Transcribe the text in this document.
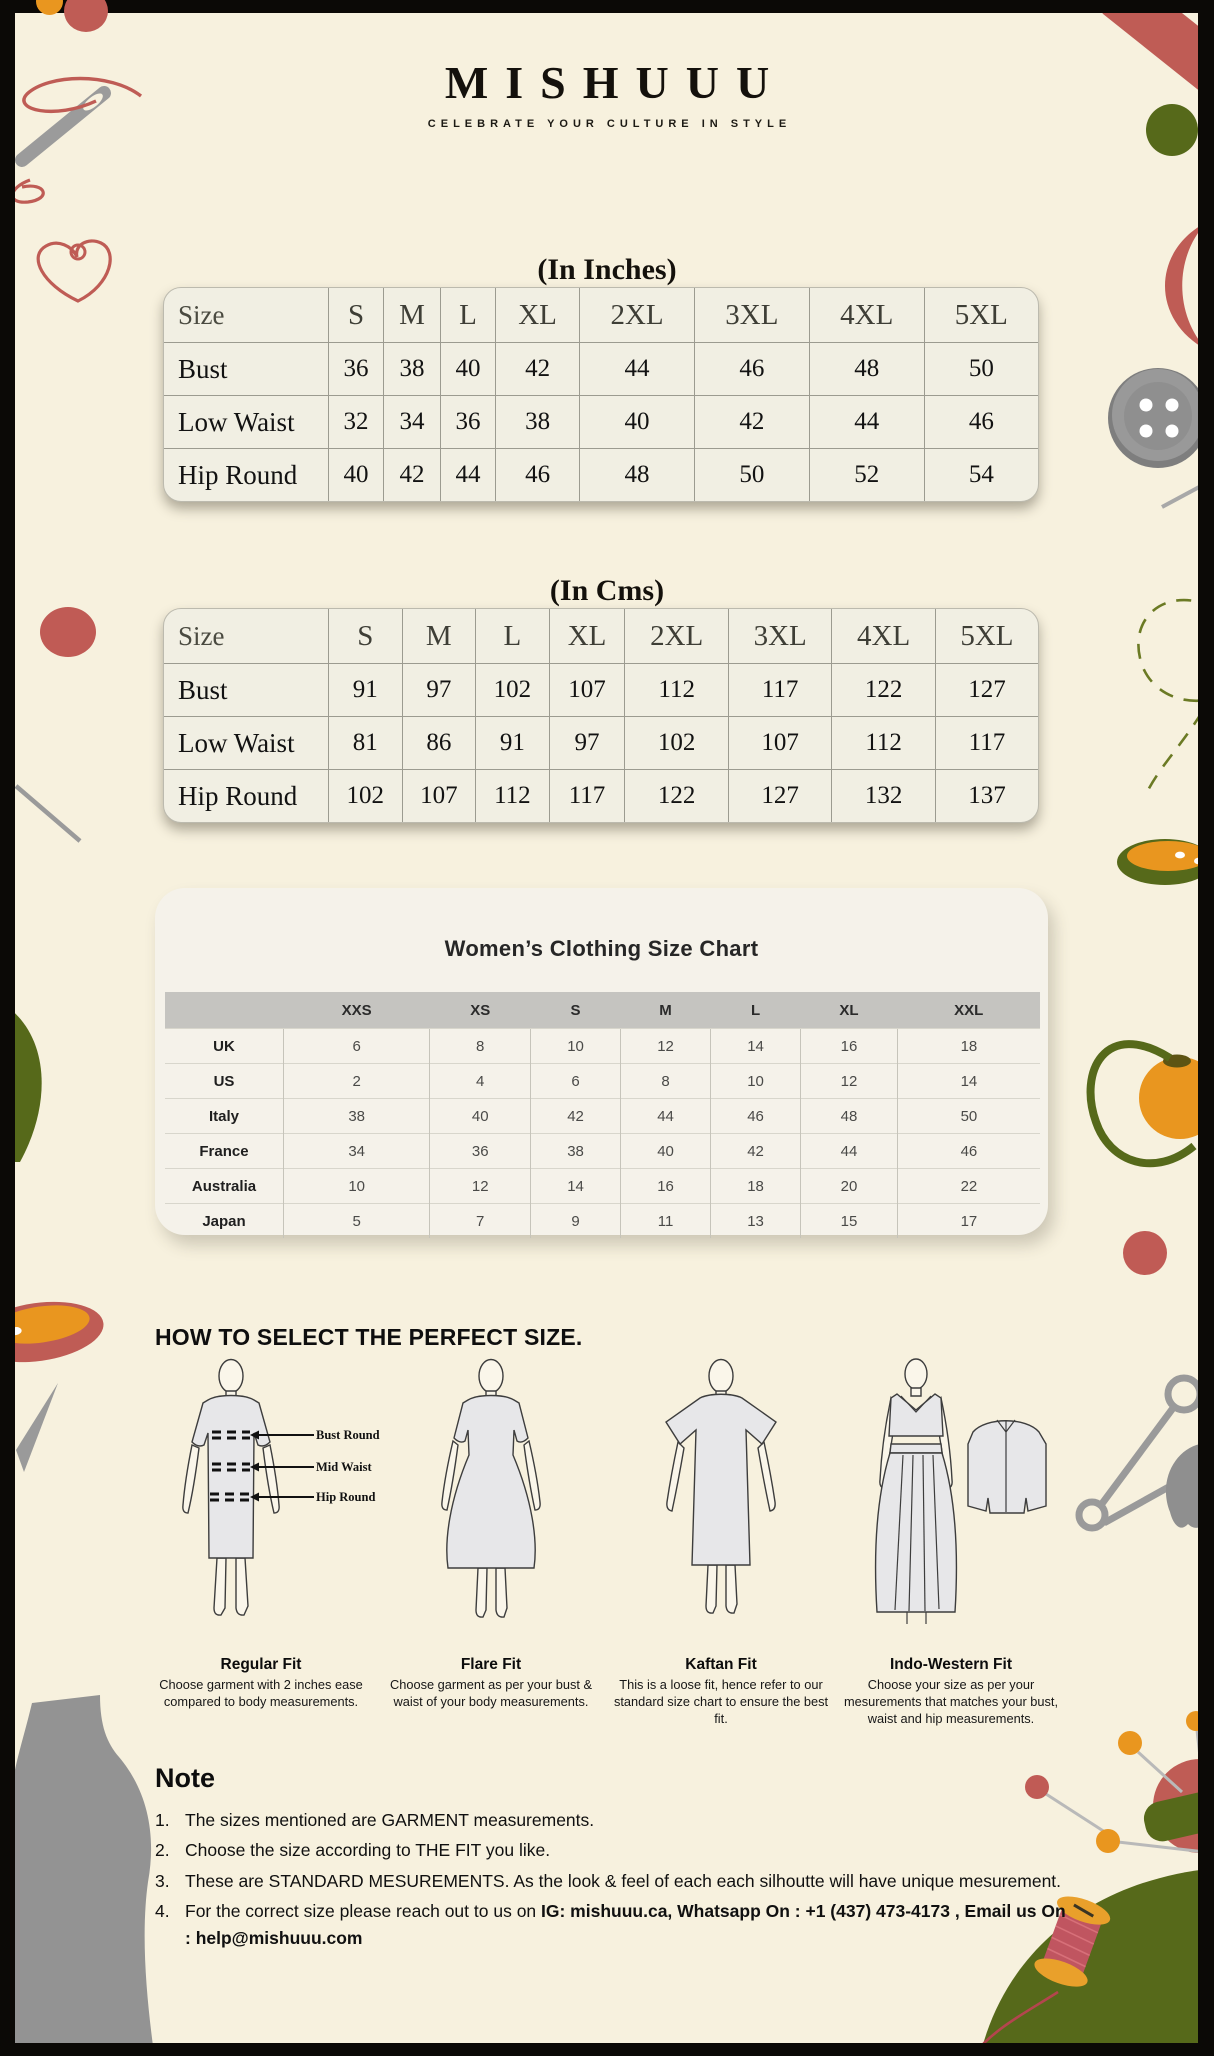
MISHUUU
CELEBRATE YOUR CULTURE IN STYLE
(In Inches)
Size	S	M	L	XL	2XL	3XL	4XL	5XL
Bust	36	38	40	42	44	46	48	50
Low Waist	32	34	36	38	40	42	44	46
Hip Round	40	42	44	46	48	50	52	54
(In Cms)
Size	S	M	L	XL	2XL	3XL	4XL	5XL
Bust	91	97	102	107	112	117	122	127
Low Waist	81	86	91	97	102	107	112	117
Hip Round	102	107	112	117	122	127	132	137
Women’s Clothing Size Chart
	XXS	XS	S	M	L	XL	XXL
UK	6	8	10	12	14	16	18
US	2	4	6	8	10	12	14
Italy	38	40	42	44	46	48	50
France	34	36	38	40	42	44	46
Australia	10	12	14	16	18	20	22
Japan	5	7	9	11	13	15	17
HOW TO SELECT THE PERFECT SIZE.
Bust Round
Mid Waist
Hip Round
Regular Fit
Choose garment with 2 inches ease compared to body measurements.
Flare Fit
Choose garment as per your bust & waist of your body measurements.
Kaftan Fit
This is a loose fit, hence refer to our standard size chart to ensure the best fit.
Indo-Western Fit
Choose your size as per your mesurements that matches your bust, waist and hip measurements.
Note
1. The sizes mentioned are GARMENT measurements.
2. Choose the size according to THE FIT you like.
3. These are STANDARD MESUREMENTS. As the look & feel of each each silhoutte will have unique mesurement.
4. For the correct size please reach out to us on IG: mishuuu.ca, Whatsapp On : +1 (437) 473-4173 , Email us On : help@mishuuu.com
